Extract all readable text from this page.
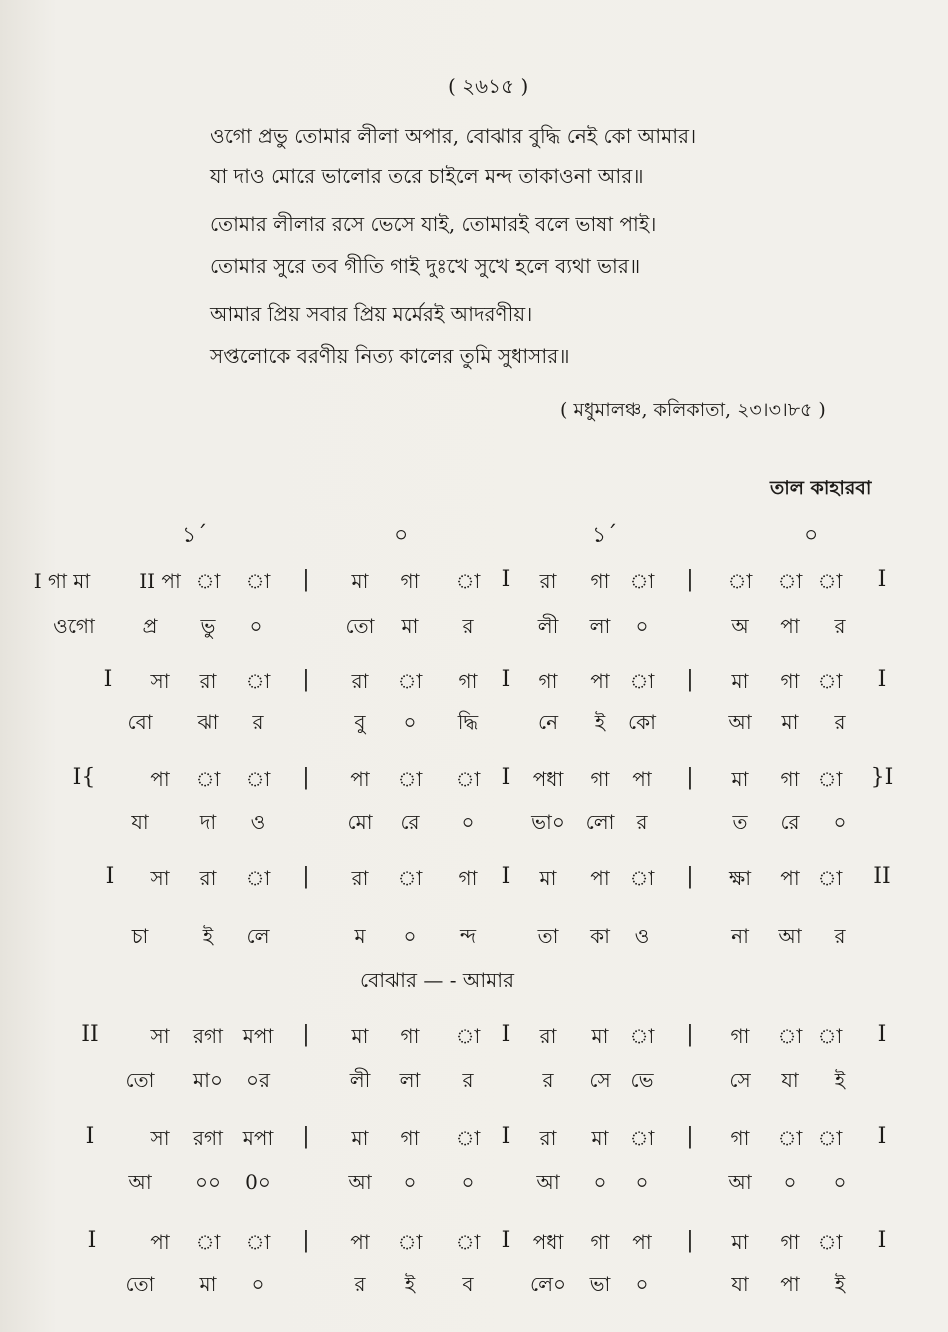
( ২৬১৫ )
ওগো প্রভু তোমার লীলা অপার, বোঝার বুদ্ধি নেই কো আমার।
যা দাও মোরে ভালোর তরে চাইলে মন্দ তাকাওনা আর॥
তোমার লীলার রসে ভেসে যাই, তোমারই বলে ভাষা পাই।
তোমার সুরে তব গীতি গাই দুঃখে সুখে হলে ব্যথা ভার॥
আমার প্রিয় সবার প্রিয় মর্মেরই আদরণীয়।
সপ্তলোকে বরণীয় নিত্য কালের তুমি সুধাসার॥
( মধুমালঞ্চ, কলিকাতা, ২৩।৩।৮৫ )
তাল কাহারবা
১´	০	১´	০
I গা মা II পা া া | মা গা া I রা গা া | া া া I
ওগো প্র ভু ০	তো মা র	লী লা ০	অ পা র
I সা রা া | রা া গা I গা পা া | মা গা া I
বো ঝা র	বু ০ দ্ধি	নে ই কো	আ মা র
I{	পা া া | পা া া I পধা গা পা | মা গা া }I
যা	দা ও	মো রে ০	ভা০ লো র	ত রে ০
I সা রা া | রা া গা I মা পা া | ক্ষা পা া II
চা	ই লে	ম ০ ন্দ	তা কা ও	না আ র
II	সা রগা মপা | মা গা া I রা মা া | গা া া I
তো মা০ ০র	লী লা র	র সে ভে	সে যা ই
I	সা রগা মপা | মা গা া I রা মা া | গা া া I
আ ০০ 0০	আ ০ ০	আ ০ ০	আ ০ ০
I	পা া া | পা া া I পধা গা পা | মা গা া I
তো মা ০	র ই ব	লে০ ভা ০	যা পা ই
বোঝার — - আমার
